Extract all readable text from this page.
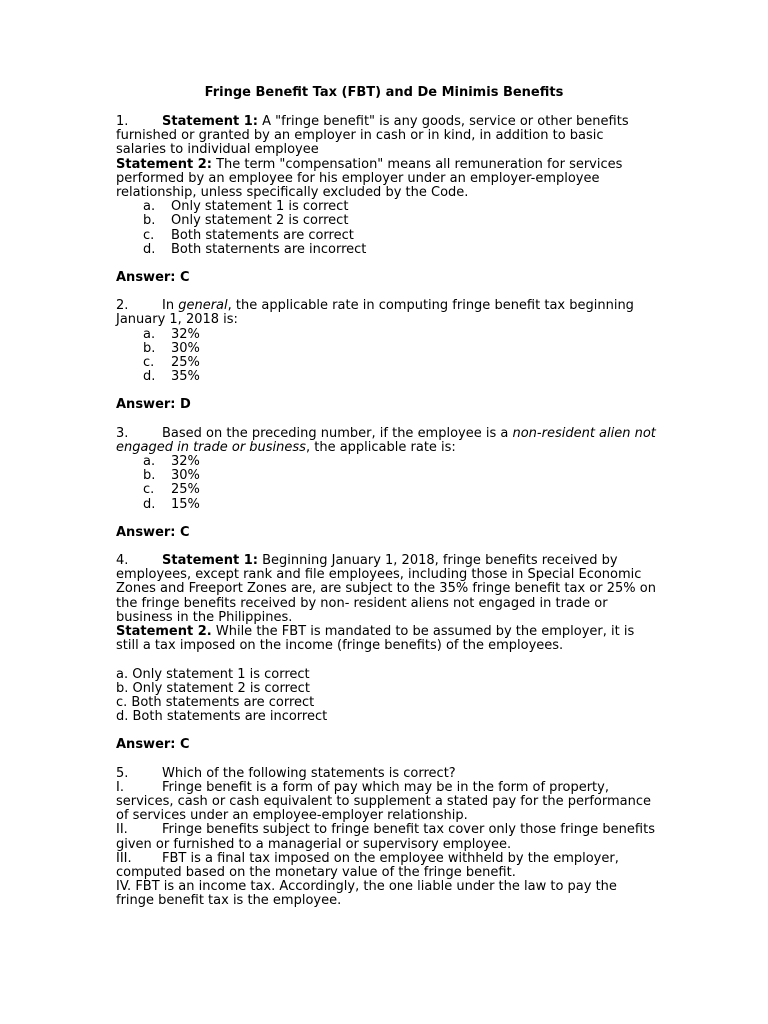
Fringe Benefit Tax (FBT) and De Minimis Benefits

1.	Statement 1: A "fringe benefit" is any goods, service or other benefits furnished or granted by an employer in cash or in kind, in addition to basic salaries to individual employee

Statement 2: The term "compensation" means all remuneration for services performed by an employee for his employer under an employer-employee relationship, unless specifically excluded by the Code.

a. Only statement 1 is correct
b. Only statement 2 is correct
c. Both statements are correct
d. Both staternents are incorrect

Answer: C

2.	In general, the applicable rate in computing fringe benefit tax beginning January 1, 2018 is:

a. 32%
b. 30%
c. 25%
d. 35%

Answer: D

3.	Based on the preceding number, if the employee is a non-resident alien not engaged in trade or business, the applicable rate is:

a. 32%
b. 30%
c. 25%
d. 15%

Answer: C

4.	Statement 1: Beginning January 1, 2018, fringe benefits received by employees, except rank and file employees, including those in Special Economic Zones and Freeport Zones are, are subject to the 35% fringe benefit tax or 25% on the fringe benefits received by non- resident aliens not engaged in trade or business in the Philippines.

Statement 2. While the FBT is mandated to be assumed by the employer, it is still a tax imposed on the income (fringe benefits) of the employees.

a. Only statement 1 is correct

b. Only statement 2 is correct

c. Both statements are correct

d. Both statements are incorrect

Answer: C

5.	Which of the following statements is correct?

I.	Fringe benefit is a form of pay which may be in the form of property, services, cash or cash equivalent to supplement a stated pay for the performance of services under an employee-employer relationship.

II.	Fringe benefits subject to fringe benefit tax cover only those fringe benefits given or furnished to a managerial or supervisory employee.

III. FBT is a final tax imposed on the employee withheld by the employer, computed based on the monetary value of the fringe benefit.

IV. FBT is an income tax. Accordingly, the one liable under the law to pay the fringe benefit tax is the employee.
